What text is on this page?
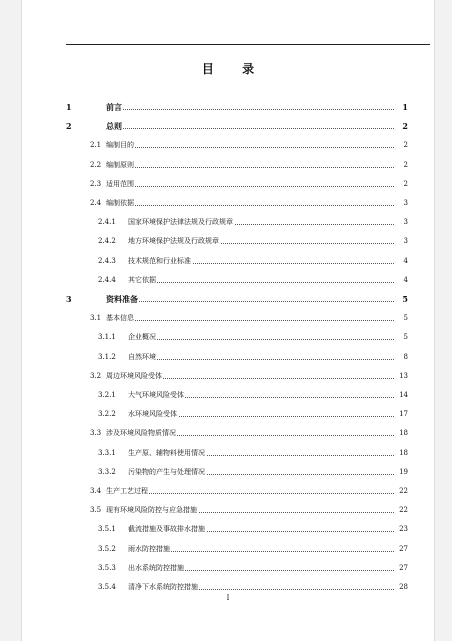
目 录
1	前言	1
2	总则	2
2.1 编制目的	2
2.2 编制原则	2
2.3 适用范围	2
2.4 编制依据	3
2.4.1 国家环境保护法律法规及行政规章	3
2.4.2 地方环境保护法规及行政规章	3
2.4.3 技术规范和行业标准	4
2.4.4 其它依据	4
3	资料准备	5
3.1 基本信息	5
3.1.1 企业概况	5
3.1.2 自然环境	8
3.2 周边环境风险受体	13
3.2.1 大气环境风险受体	14
3.2.2 水环境风险受体	17
3.3 涉及环境风险物质情况	18
3.3.1 生产原、辅物料使用情况	18
3.3.2 污染物的产生与处理情况	19
3.4 生产工艺过程	22
3.5 现有环境风险防控与应急措施	22
3.5.1 截流措施及事故排水措施	23
3.5.2 雨水防控措施	27
3.5.3 出水系统防控措施	27
3.5.4 清净下水系统防控措施	28
I
